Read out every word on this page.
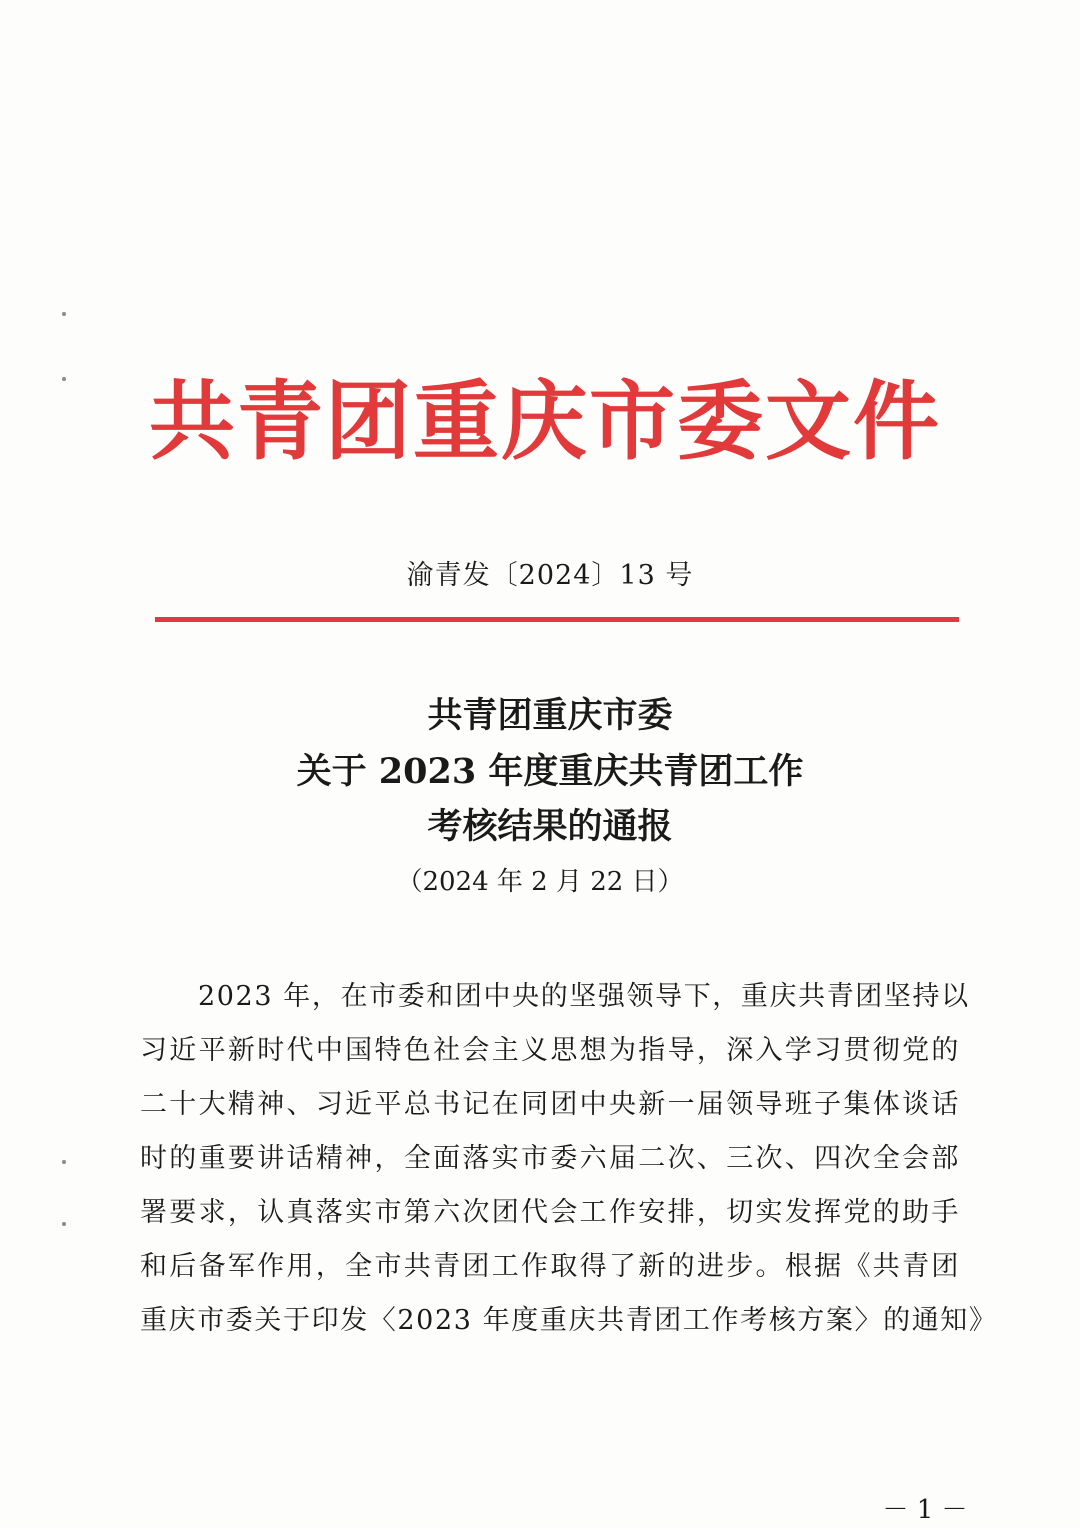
共青团重庆市委文件
渝青发〔2024〕13 号
共青团重庆市委
关于 2023 年度重庆共青团工作
考核结果的通报
（2024 年 2 月 22 日）
2023 年，在市委和团中央的坚强领导下，重庆共青团坚持以
习近平新时代中国特色社会主义思想为指导，深入学习贯彻党的
二十大精神、习近平总书记在同团中央新一届领导班子集体谈话
时的重要讲话精神，全面落实市委六届二次、三次、四次全会部
署要求，认真落实市第六次团代会工作安排，切实发挥党的助手
和后备军作用，全市共青团工作取得了新的进步。根据《共青团
重庆市委关于印发〈2023 年度重庆共青团工作考核方案〉的通知》
－ 1 －
